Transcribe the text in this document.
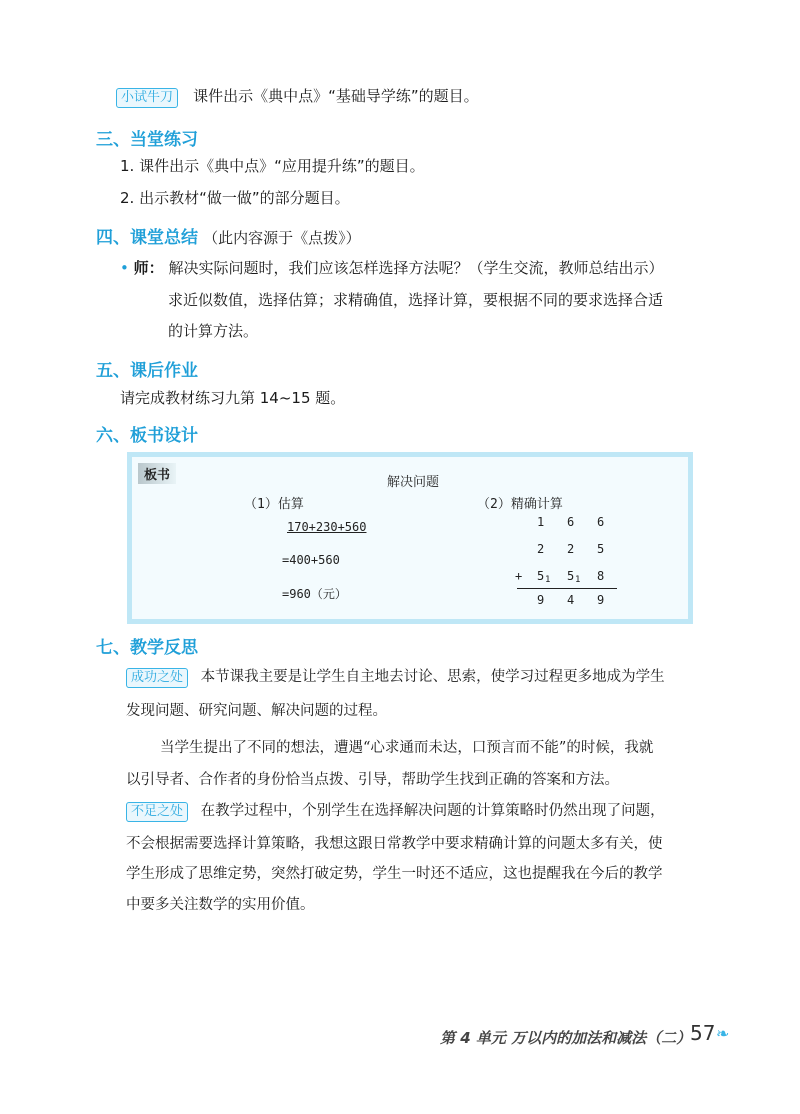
小试牛刀 课件出示《典中点》“基础导学练”的题目。
三、当堂练习
1. 课件出示《典中点》“应用提升练”的题目。
2. 出示教材“做一做”的部分题目。
四、课堂总结 （此内容源于《点拨》）
• 师： 解决实际问题时，我们应该怎样选择方法呢？（学生交流，教师总结出示）
求近似数值，选择估算；求精确值，选择计算，要根据不同的要求选择合适
的计算方法。
五、课后作业
请完成教材练习九第 14~15 题。
六、板书设计
板书	解决问题
（1）估算
170+230+560
=400+560
=960（元）
（2）精确计算
1 6 6
2 2 5
+ 5 1 5 1 8
9 4 9
七、教学反思
成功之处 本节课我主要是让学生自主地去讨论、思索，使学习过程更多地成为学生
发现问题、研究问题、解决问题的过程。
当学生提出了不同的想法，遭遇“心求通而未达，口预言而不能”的时候，我就
以引导者、合作者的身份恰当点拨、引导，帮助学生找到正确的答案和方法。
不足之处 在教学过程中，个别学生在选择解决问题的计算策略时仍然出现了问题，
不会根据需要选择计算策略，我想这跟日常教学中要求精确计算的问题太多有关，使
学生形成了思维定势，突然打破定势，学生一时还不适应，这也提醒我在今后的教学
中要多关注数学的实用价值。
第 4 单元 万以内的加法和减法（二）
57 ❧
